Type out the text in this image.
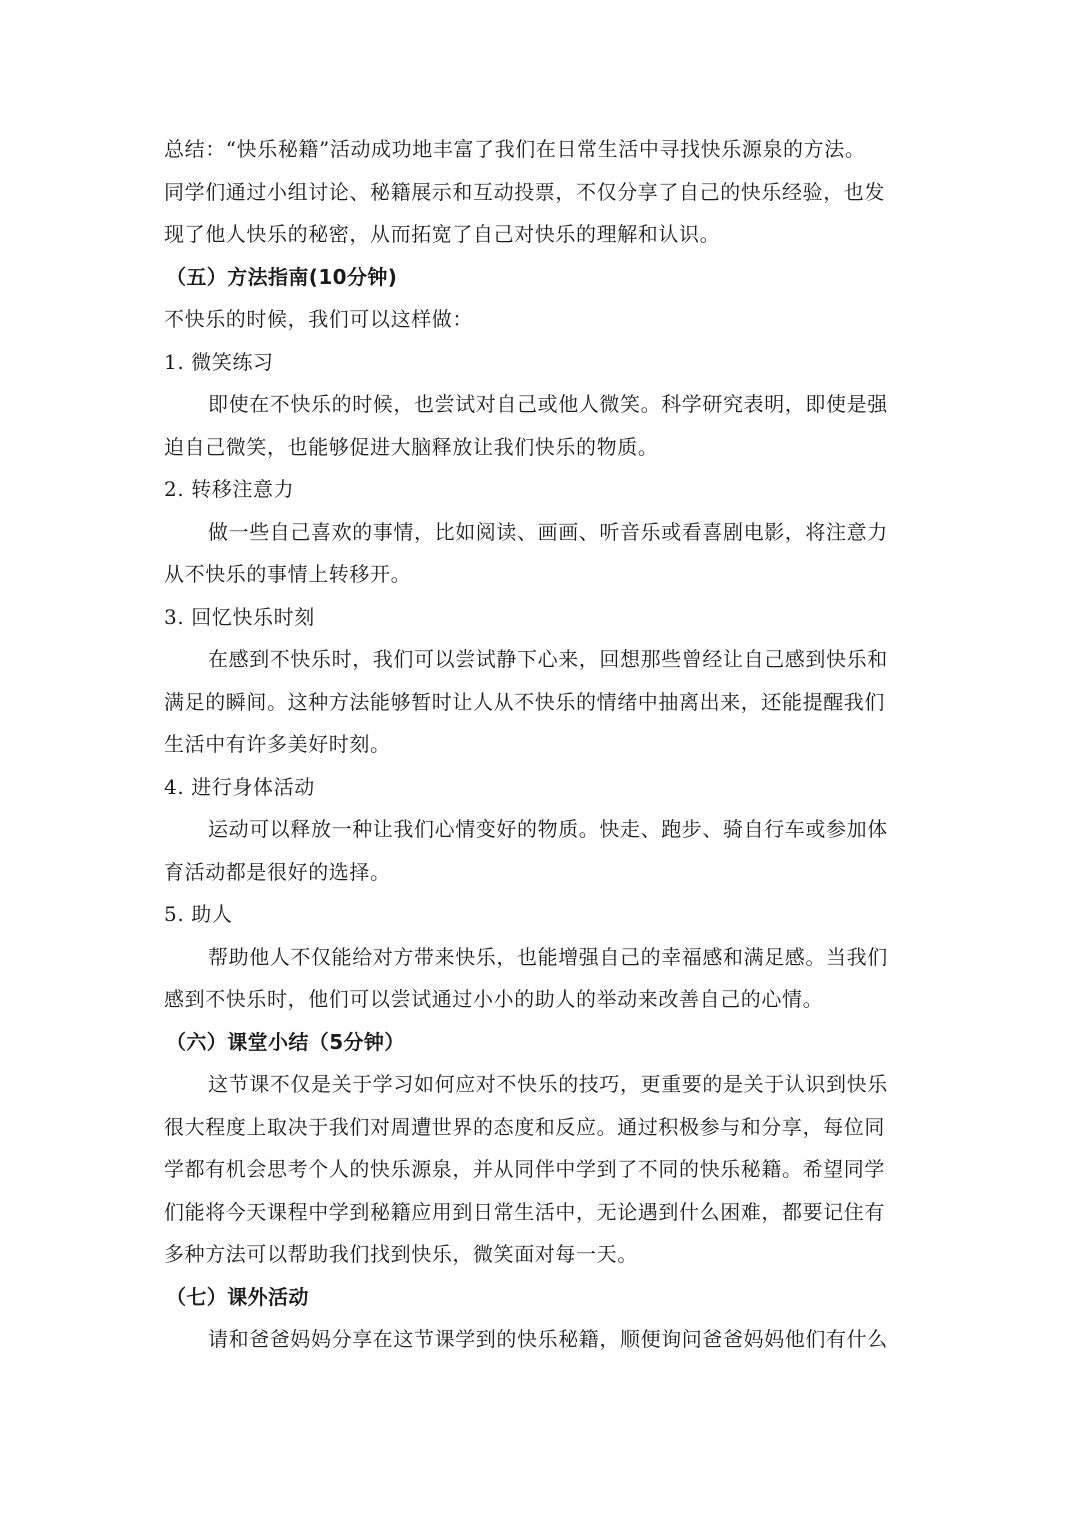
总结：“快乐秘籍”活动成功地丰富了我们在日常生活中寻找快乐源泉的方法。
同学们通过小组讨论、秘籍展示和互动投票，不仅分享了自己的快乐经验，也发
现了他人快乐的秘密，从而拓宽了自己对快乐的理解和认识。
（五）方法指南(10分钟)
不快乐的时候，我们可以这样做：
1. 微笑练习
即使在不快乐的时候，也尝试对自己或他人微笑。科学研究表明，即使是强
迫自己微笑，也能够促进大脑释放让我们快乐的物质。
2. 转移注意力
做一些自己喜欢的事情，比如阅读、画画、听音乐或看喜剧电影，将注意力
从不快乐的事情上转移开。
3. 回忆快乐时刻
在感到不快乐时，我们可以尝试静下心来，回想那些曾经让自己感到快乐和
满足的瞬间。这种方法能够暂时让人从不快乐的情绪中抽离出来，还能提醒我们
生活中有许多美好时刻。
4. 进行身体活动
运动可以释放一种让我们心情变好的物质。快走、跑步、骑自行车或参加体
育活动都是很好的选择。
5. 助人
帮助他人不仅能给对方带来快乐，也能增强自己的幸福感和满足感。当我们
感到不快乐时，他们可以尝试通过小小的助人的举动来改善自己的心情。
（六）课堂小结（5分钟）
这节课不仅是关于学习如何应对不快乐的技巧，更重要的是关于认识到快乐
很大程度上取决于我们对周遭世界的态度和反应。通过积极参与和分享，每位同
学都有机会思考个人的快乐源泉，并从同伴中学到了不同的快乐秘籍。希望同学
们能将今天课程中学到秘籍应用到日常生活中，无论遇到什么困难，都要记住有
多种方法可以帮助我们找到快乐，微笑面对每一天。
（七）课外活动
请和爸爸妈妈分享在这节课学到的快乐秘籍，顺便询问爸爸妈妈他们有什么
